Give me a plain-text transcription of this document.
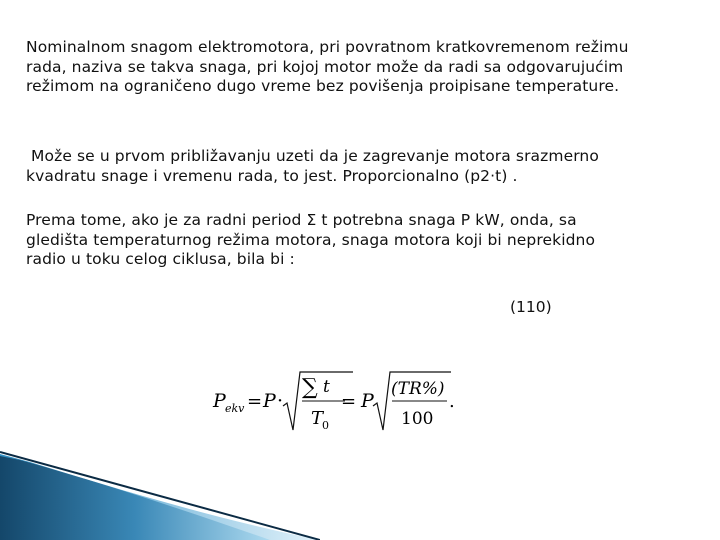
Nominalnom snagom elektromotora, pri povratnom kratkovremenom režimu
rada, naziva se takva snaga, pri kojoj motor može da radi sa odgovarujućim
režimom na ograničeno dugo vreme bez povišenja proipisane temperature.

Može se u prvom približavanju uzeti da je zagrevanje motora srazmerno
kvadratu snage i vremenu rada, to jest. Proporcionalno (p2·t) .

Prema tome, ako je za radni period Σ t potrebna snaga P kW, onda, sa
gledišta temperaturnog režima motora, snaga motora koji bi neprekidno
radio u toku celog ciklusa, bila bi :

(110)
P ekv = P ·
∑ t
T
0
= P
(TR%)
100
.
